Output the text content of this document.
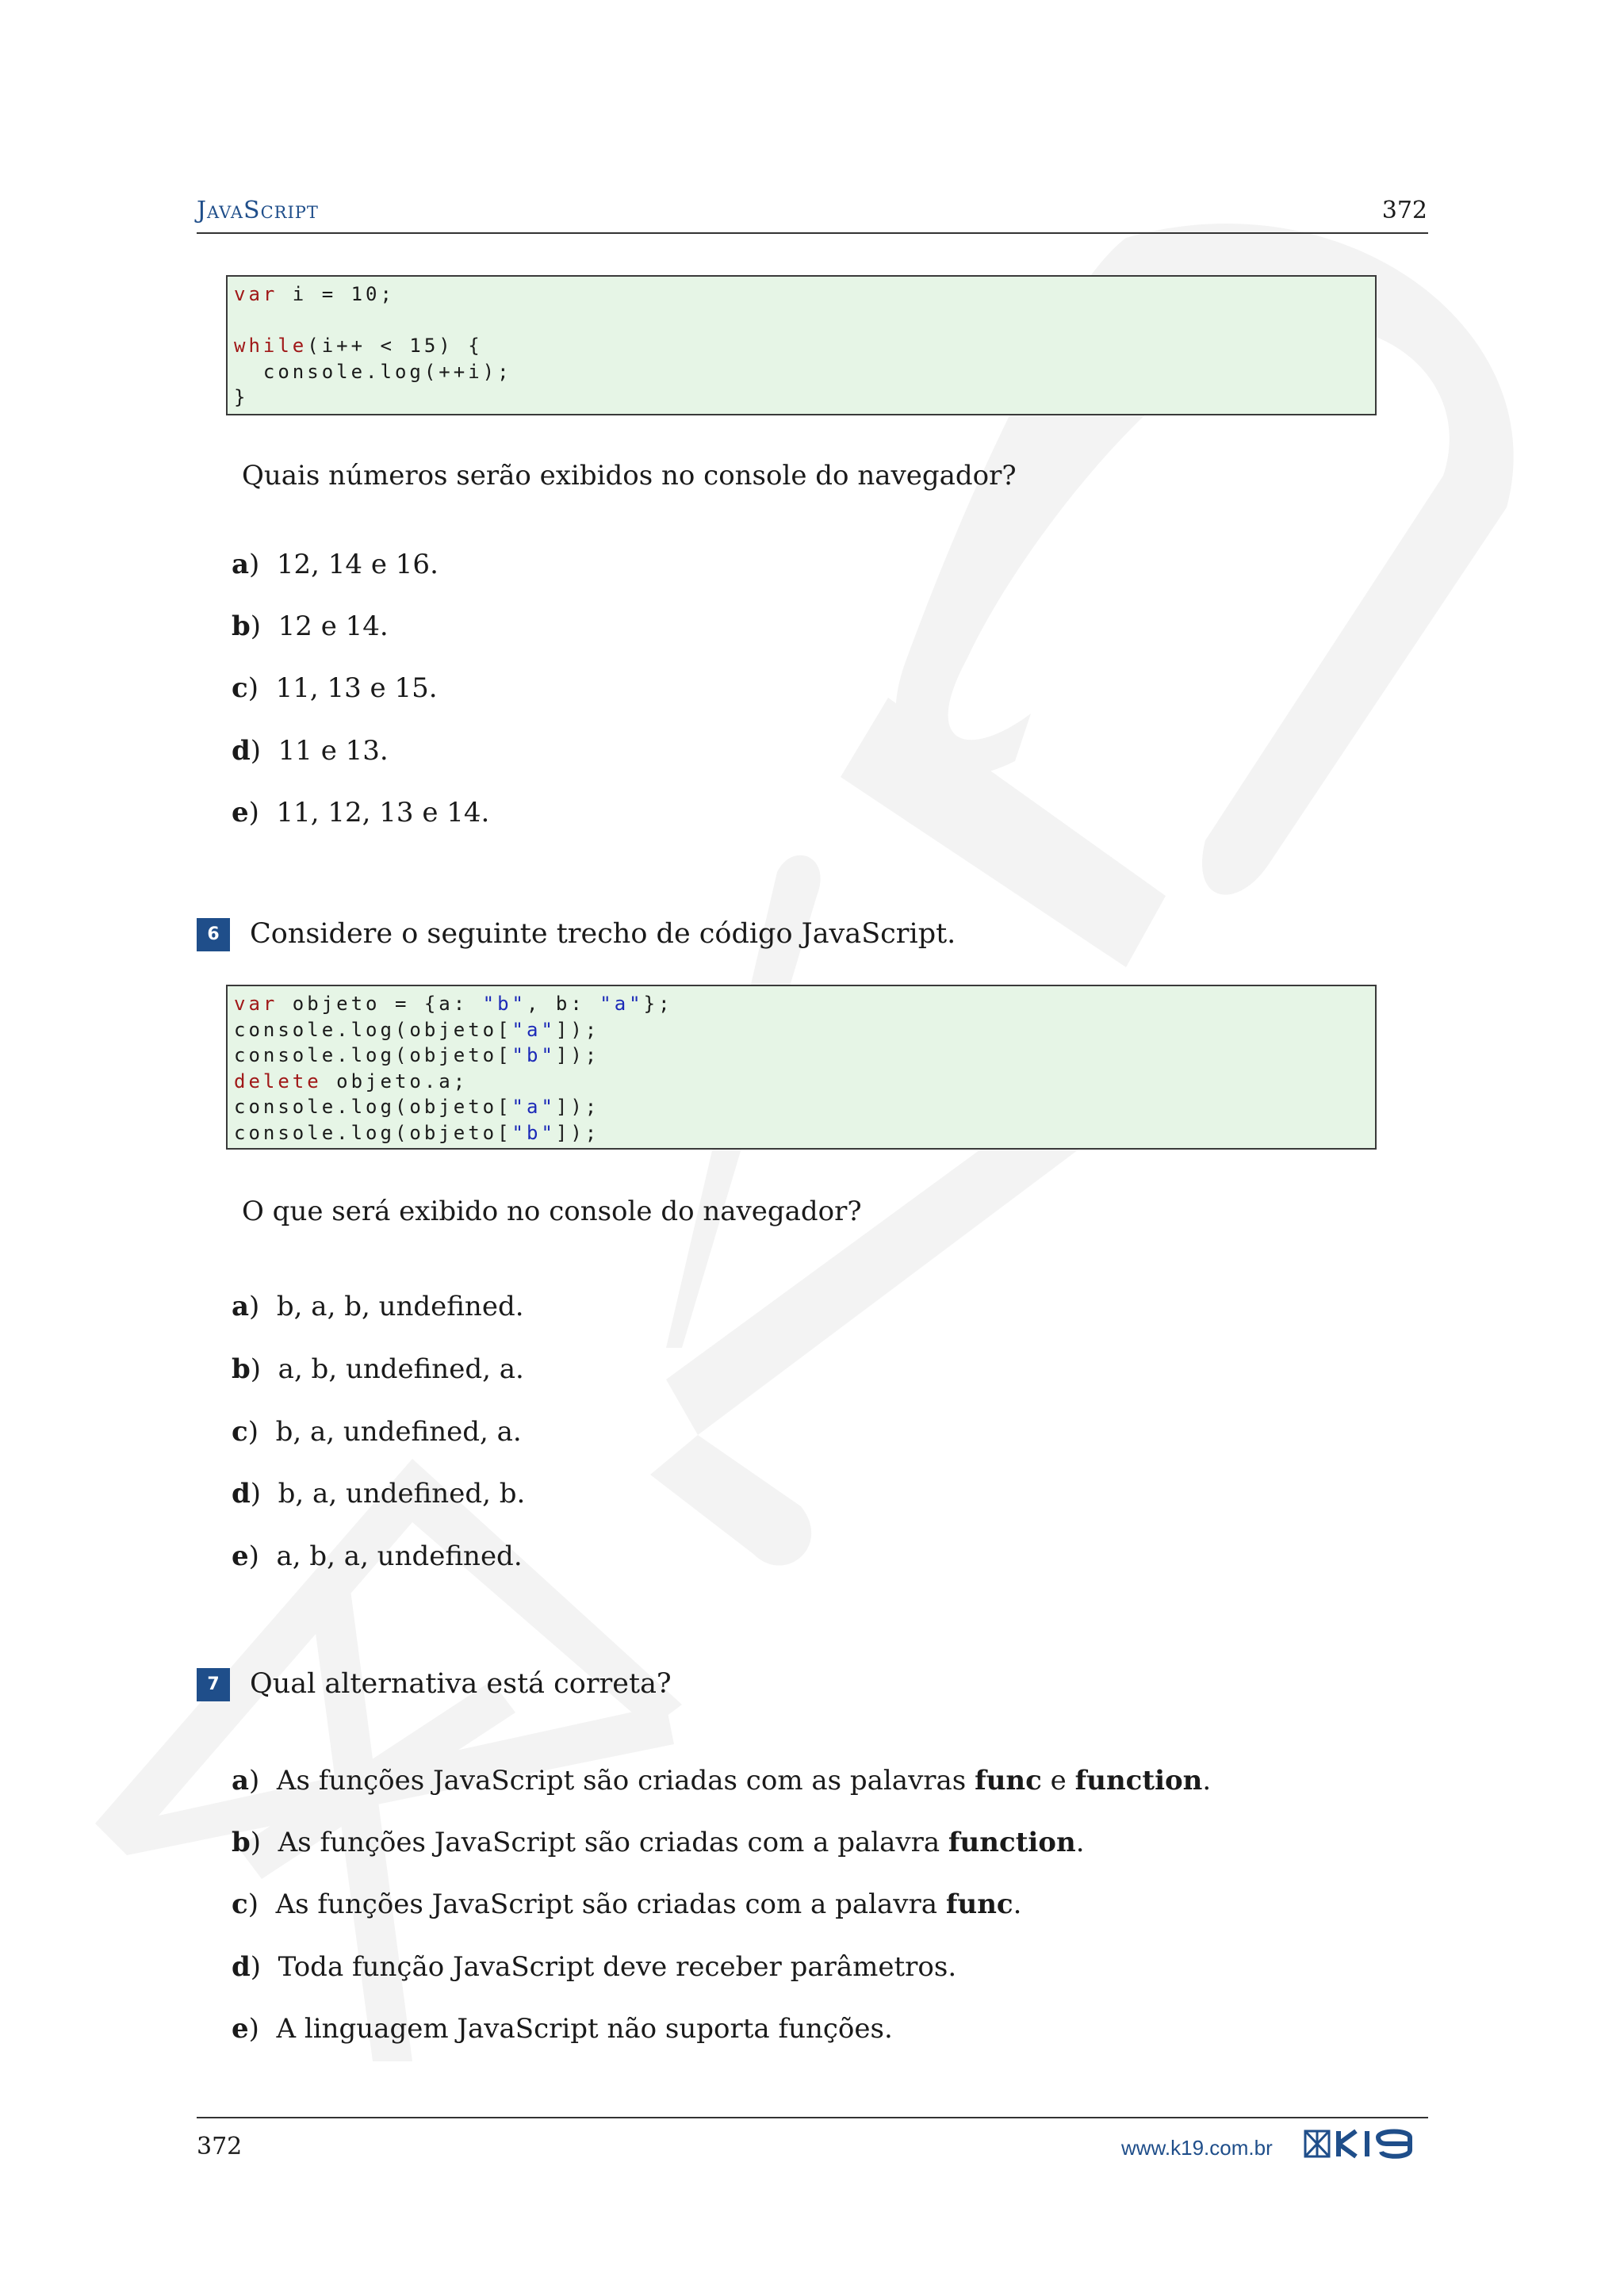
JavaScript	372
var i = 10;
while(i++ < 15) {
console.log(++i);
}
Quais números serão exibidos no console do navegador?
a)  12, 14 e 16.
b)  12 e 14.
c)  11, 13 e 15.
d)  11 e 13.
e)  11, 12, 13 e 14.
6	Considere o seguinte trecho de código JavaScript.
var objeto = {a: "b", b: "a"};
console.log(objeto["a"]);
console.log(objeto["b"]);
delete objeto.a;
console.log(objeto["a"]);
console.log(objeto["b"]);
O que será exibido no console do navegador?
a)  b, a, b, undefined.
b)  a, b, undefined, a.
c)  b, a, undefined, a.
d)  b, a, undefined, b.
e)  a, b, a, undefined.
7	Qual alternativa está correta?
a)  As funções JavaScript são criadas com as palavras func e function.
b)  As funções JavaScript são criadas com a palavra function.
c)  As funções JavaScript são criadas com a palavra func.
d)  Toda função JavaScript deve receber parâmetros.
e)  A linguagem JavaScript não suporta funções.
372	www.k19.com.br
